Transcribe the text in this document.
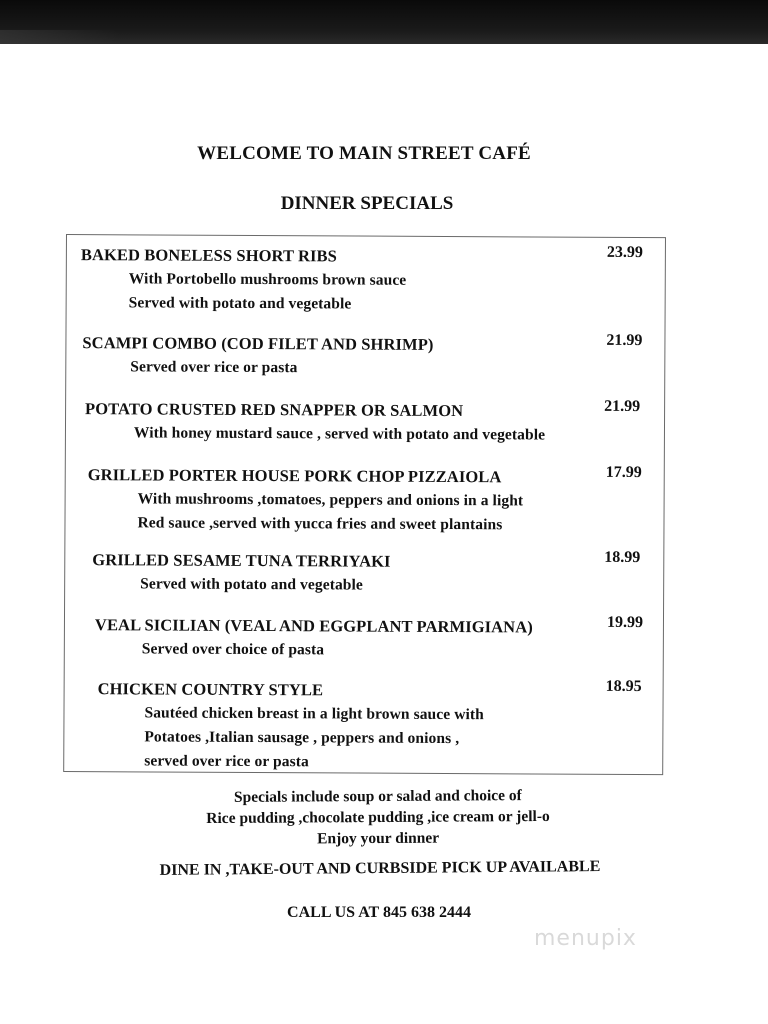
WELCOME TO MAIN STREET CAFÉ
DINNER SPECIALS
BAKED BONELESS SHORT RIBS	23.99
With Portobello mushrooms brown sauce
Served with potato and vegetable
SCAMPI COMBO (COD FILET AND SHRIMP)	21.99
Served over rice or pasta
POTATO CRUSTED RED SNAPPER OR SALMON	21.99
With honey mustard sauce , served with potato and vegetable
GRILLED PORTER HOUSE PORK CHOP PIZZAIOLA	17.99
With mushrooms ,tomatoes, peppers and onions in a light
Red sauce ,served with yucca fries and sweet plantains
GRILLED SESAME TUNA TERRIYAKI	18.99
Served with potato and vegetable
VEAL SICILIAN (VEAL AND EGGPLANT PARMIGIANA)	19.99
Served over choice of pasta
CHICKEN COUNTRY STYLE	18.95
Sautéed chicken breast in a light brown sauce with
Potatoes ,Italian sausage , peppers and onions ,
served over rice or pasta
Specials include soup or salad and choice of
Rice pudding ,chocolate pudding ,ice cream or jell-o
Enjoy your dinner
DINE IN ,TAKE-OUT AND CURBSIDE PICK UP AVAILABLE
CALL US AT 845 638 2444
menupix
